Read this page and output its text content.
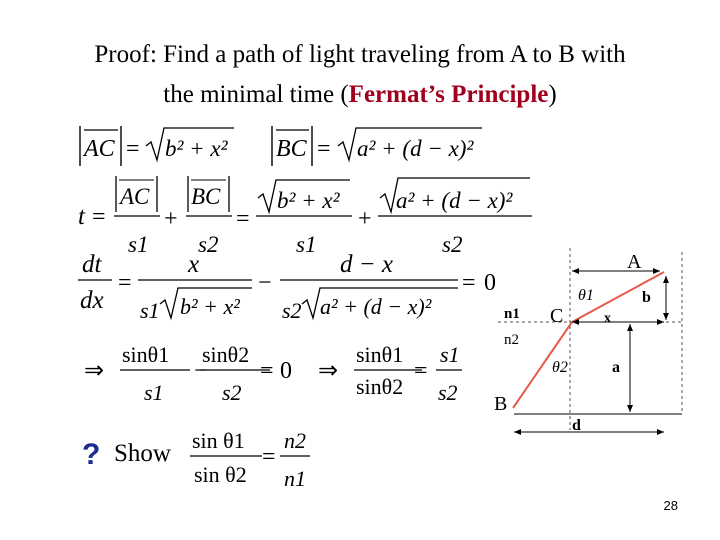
Proof: Find a path of light traveling from A to B with
the minimal time (Fermat’s Principle)
AC = b² + x² BC = a² + (d − x)²
t =
AC
s1
+
BC
s2
=
b² + x²
s1
+
a² + (d − x)²
s2
dt
dx
=
x
s1 b² + x²
−
d − x
s2 a² + (d − x)²
= 0
⇒
sinθ1
s1
−
sinθ2
s2
= 0 ⇒
sinθ1
sinθ2
=
s1
s2
sin θ1
sin θ2
=
n2
n1
A
B
C
n1
n2
b
a
x
d
θ1
θ2
? Show
28
